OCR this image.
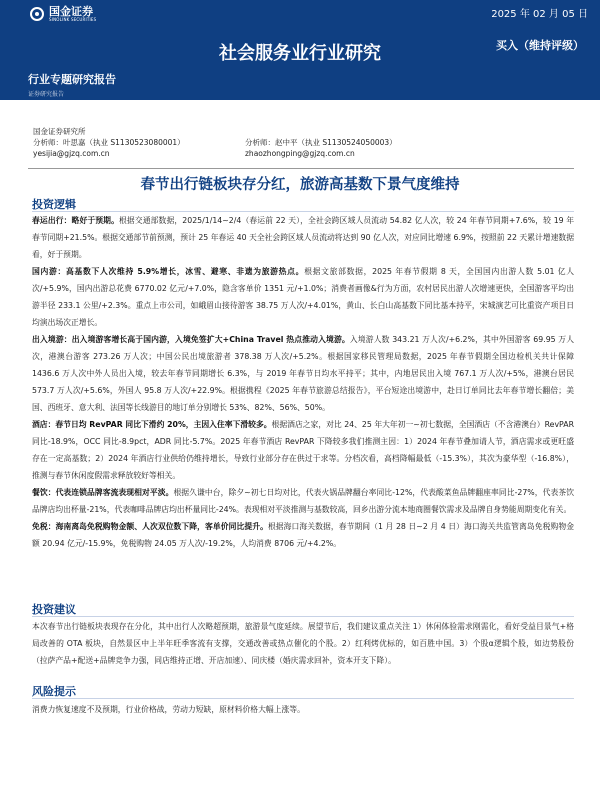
国金证券
SINOLINK SECURITIES	2025 年 02 月 05 日
社会服务业行业研究	买入（维持评级）
行业专题研究报告
证券研究报告
国金证券研究所
分析师：叶思嘉（执业 S1130523080001）	分析师：赵中平（执业 S1130524050003）
yesijia@gjzq.com.cn	zhaozhongping@gjzq.com.cn
春节出行链板块存分红，旅游高基数下景气度维持
投资逻辑

春运出行：略好于预期。根据交通部数据，2025/1/14~2/4（春运前 22 天），全社会跨区域人员流动 54.82 亿人次，较 24 年春节同期+7.6%，较 19 年春节同期+21.5%。根据交通部节前预测，预计 25 年春运 40 天全社会跨区域人员流动将达到 90 亿人次，对应同比增速 6.9%，按照前 22 天累计增速数据看，好于预期。

国内游：高基数下人次维持 5.9%增长，冰雪、避寒、非遗为旅游热点。根据文旅部数据，2025 年春节假期 8 天，全国国内出游人数 5.01 亿人次/+5.9%，国内出游总花费 6770.02 亿元/+7.0%，隐含客单价 1351 元/+1.0%；消费者画像&行为方面，农村居民出游人次增速更快，全国游客平均出游半径 233.1 公里/+2.3%。重点上市公司，如峨眉山接待游客 38.75 万人次/+4.01%，黄山、长白山高基数下同比基本持平，宋城演艺可比重资产项目日均演出场次正增长。

出入境游：出入境游客增长高于国内游，入境免签扩大+China Travel 热点推动入境游。入境游人数 343.21 万人次/+6.2%，其中外国游客 69.95 万人次，港澳台游客 273.26 万人次；中国公民出境旅游者 378.38 万人次/+5.2%。根据国家移民管理局数据，2025 年春节假期全国边检机关共计保障 1436.6 万人次中外人员出入境，较去年春节同期增长 6.3%，与 2019 年春节日均水平持平；其中，内地居民出入境 767.1 万人次/+5%，港澳台居民 573.7 万人次/+5.6%，外国人 95.8 万人次/+22.9%。根据携程《2025 年春节旅游总结报告》，平台短途出境游中，赴日订单同比去年春节增长翻倍；美国、西班牙、意大利、法国等长线游目的地订单分别增长 53%、82%、56%、50%。

酒店：春节日均 RevPAR 同比下滑约 20%，主因入住率下滑较多。根据酒店之家，对比 24、25 年大年初一~初七数据，全国酒店（不含港澳台）RevPAR 同比-18.9%，OCC 同比-8.9pct，ADR 同比-5.7%。2025 年春节酒店 RevPAR 下降较多我们推测主因：1）2024 年春节叠加请人节，酒店需求或更旺盛存在一定高基数；2）2024 年酒店行业供给仍维持增长，导致行业部分存在供过于求等。分档次看，高档降幅最低（-15.3%），其次为豪华型（-16.8%），推测与春节休闲度假需求释放较好等相关。

餐饮：代表连锁品牌客流表现相对平淡。根据久谦中台，除夕~初七日均对比，代表火锅品牌翻台率同比-12%，代表酸菜鱼品牌翻座率同比-27%，代表茶饮品牌店均出杯量-21%，代表咖啡品牌店均出杯量同比-24%。表现相对平淡推测与基数较高，回乡出游分流本地商圈餐饮需求及品牌自身势能周期变化有关。

免税：海南离岛免税购物金额、人次双位数下降，客单价同比提升。根据海口海关数据，春节期间（1 月 28 日~2 月 4 日）海口海关共监管离岛免税购物金额 20.94 亿元/-15.9%，免税购物 24.05 万人次/-19.2%，人均消费 8706 元/+4.2%。

投资建议
本次春节出行链板块表现存在分化，其中出行人次略超预期，旅游景气度延续。展望节后，我们建议重点关注 1）休闲体验需求刚需化，看好受益目景气+格局改善的 OTA 板块，自然景区中上半年旺季客流有支撑，交通改善或热点催化的个股。2）红利烤优标的，如百胜中国。3）个股α逻辑个股，如边势股份（拉萨产品+配送+品牌竞争力强，同店维持正增、开店加速）、同庆楼（婚庆需求回补，资本开支下降）。
风险提示
消费力恢复速度不及预期，行业价格战，劳动力短缺，原材料价格大幅上涨等。
